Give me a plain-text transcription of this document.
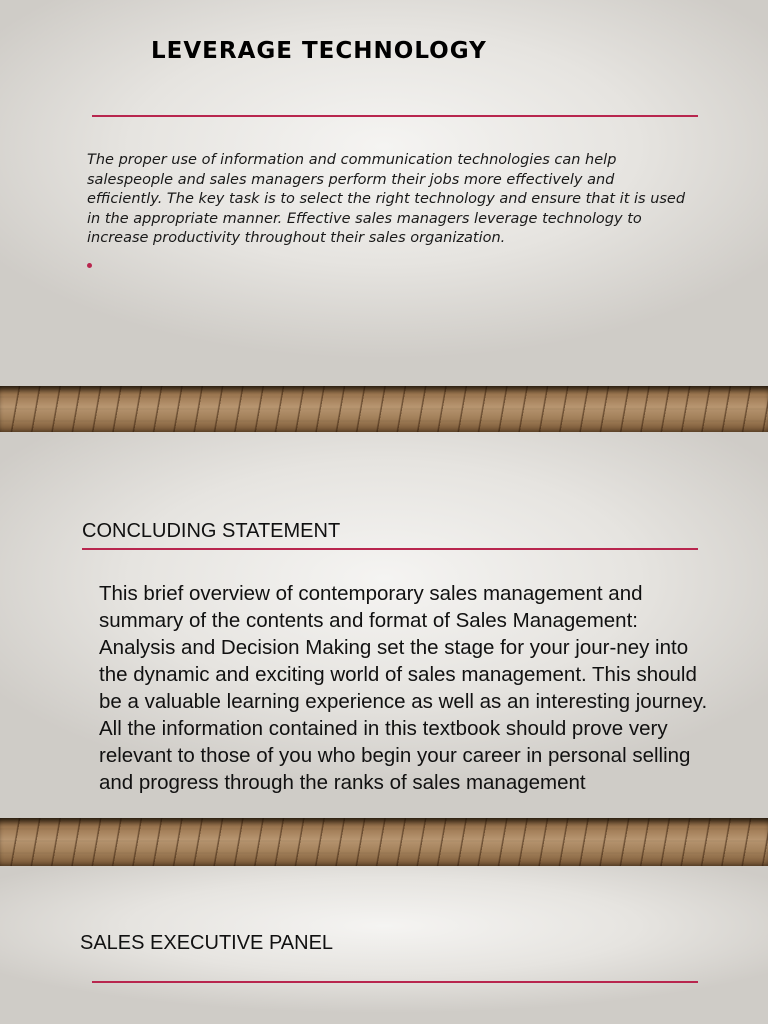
LEVERAGE TECHNOLOGY

The proper use of information and communication technologies can help salespeople and sales managers perform their jobs more effectively and efficiently. The key task is to select the right technology and ensure that it is used in the appropriate manner. Effective sales managers leverage technology to increase productivity throughout their sales organization.

CONCLUDING STATEMENT

This brief overview of contemporary sales management and summary of the contents and format of Sales Management: Analysis and Decision Making set the stage for your jour-ney into the dynamic and exciting world of sales management. This should be a valuable learning experience as well as an interesting journey. All the information contained in this textbook should prove very relevant to those of you who begin your career in personal selling and progress through the ranks of sales management

SALES EXECUTIVE PANEL
